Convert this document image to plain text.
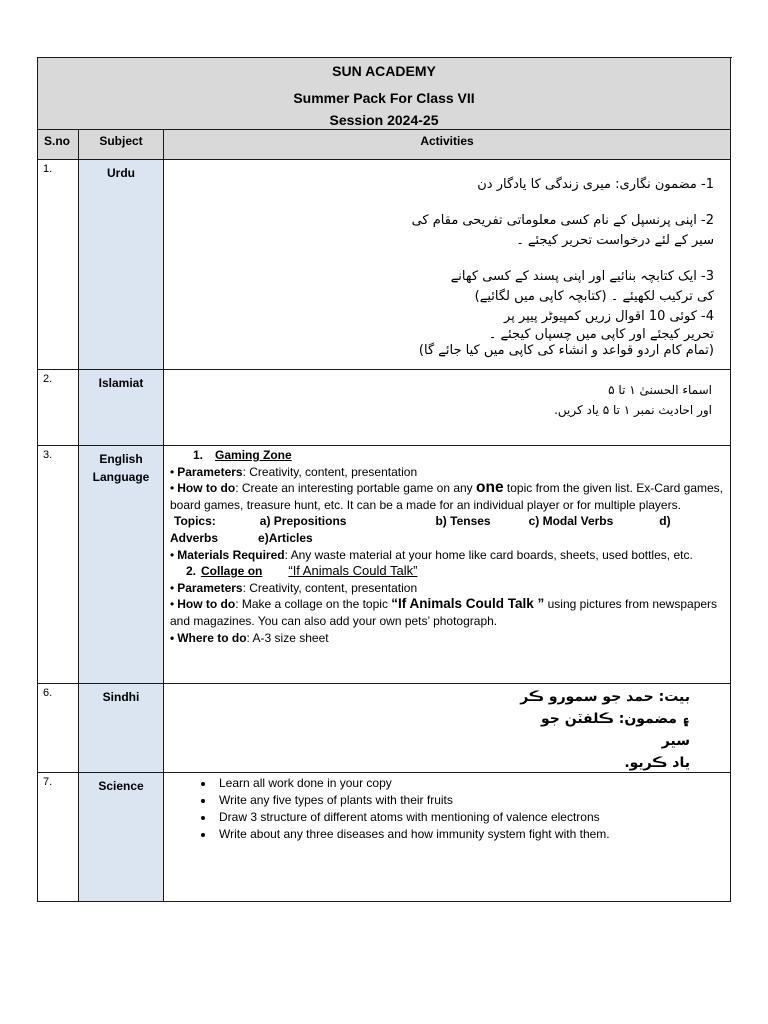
SUN ACADEMY
Summer Pack For Class VII
Session 2024-25
S.no	Subject	Activities
1.	Urdu
1- مضمون نگاری: میری زندگی کا یادگار دن
2- اپنی پرنسپل کے نام کسی معلوماتی تفریحی مقام کی
سیر کے لئے درخواست تحریر کیجئے ۔
3- ایک کتابچہ بنائیے اور اپنی پسند کے کسی کھانے
کی ترکیب لکھیئے ۔ (کتابچہ کاپی میں لگائیے)
4- کوئی 10 اقوال زریں کمپیوٹر پیپر پر
تحریر کیجئے اور کاپی میں چسپاں کیجئے ۔
(تمام کام اردو قواعد و انشاء کی کاپی میں کیا جائے گا)
2.	Islamiat	اسماء الحسنیٰ ۱ تا ۵
اور احادیث نمبر ۱ تا ۵ یاد کریں.
3.	English Language
1. Gaming Zone
• Parameters: Creativity, content, presentation
• How to do: Create an interesting portable game on any one topic from the given list. Ex-Card games, board games, treasure hunt, etc. It can be a made for an individual player or for multiple players.
Topics:	a) Prepositions	b) Tenses	c) Modal Verbs	d) Adverbs	e)Articles
• Materials Required: Any waste material at your home like card boards, sheets, used bottles, etc.
2. Collage on “If Animals Could Talk”
• Parameters: Creativity, content, presentation
• How to do: Make a collage on the topic “If Animals Could Talk ” using pictures from newspapers and magazines. You can also add your own pets’ photograph.
• Where to do: A-3 size sheet
6.	Sindhi	بيت: حمد جو سمورو ڪر
۽ مضمون: ڪلفٽن جو
سير
ياد ڪريو.
7.	Science
•	Learn all work done in your copy
• Write any five types of plants with their fruits
• Draw 3 structure of different atoms with mentioning of valence electrons
• Write about any three diseases and how immunity system fight with them.
